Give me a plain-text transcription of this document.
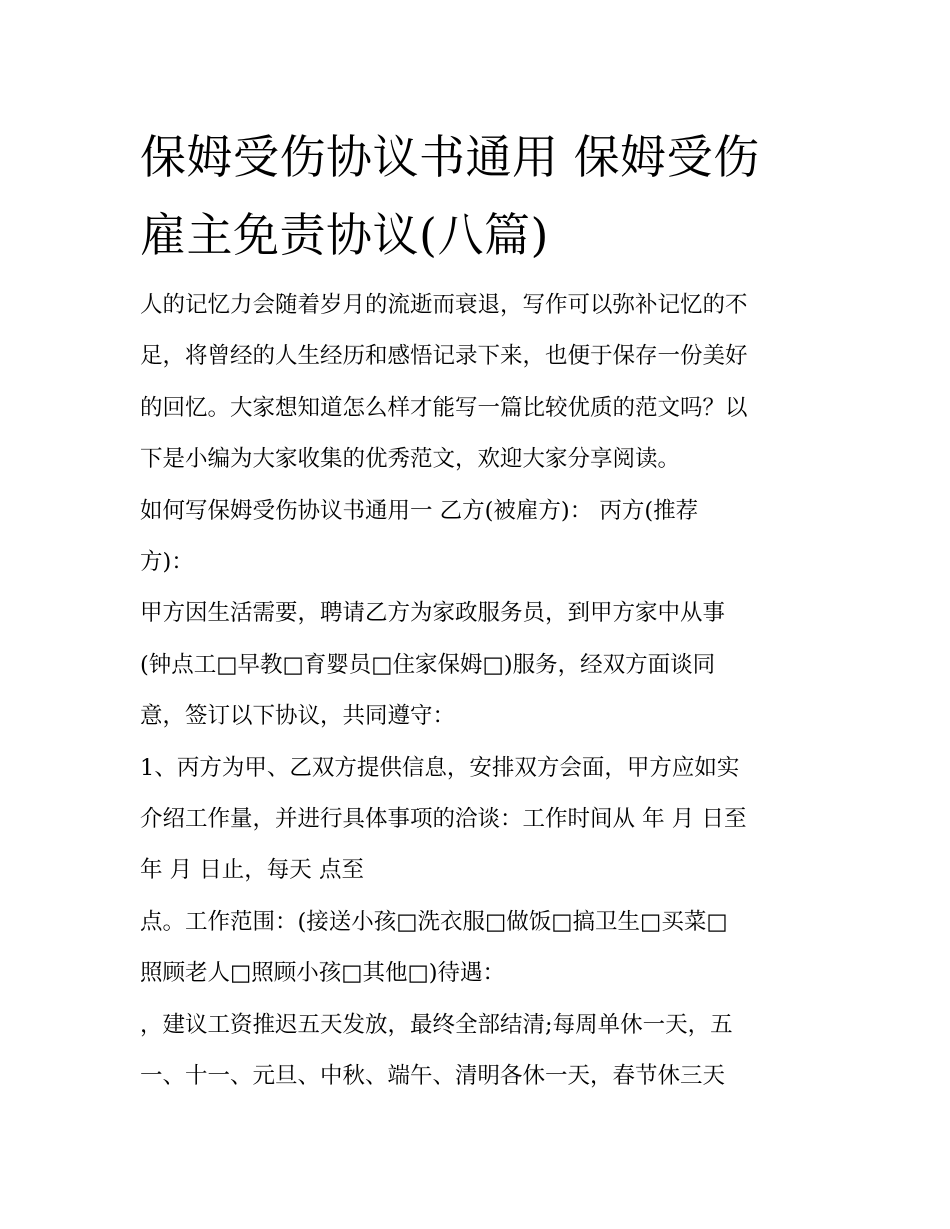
保姆受伤协议书通用 保姆受伤
雇主免责协议(八篇)
人的记忆力会随着岁月的流逝而衰退，写作可以弥补记忆的不
足，将曾经的人生经历和感悟记录下来，也便于保存一份美好
的回忆。大家想知道怎么样才能写一篇比较优质的范文吗？以
下是小编为大家收集的优秀范文，欢迎大家分享阅读。
如何写保姆受伤协议书通用一 乙方(被雇方)： 丙方(推荐
方)：
甲方因生活需要，聘请乙方为家政服务员，到甲方家中从事
(钟点工□早教□育婴员□住家保姆□)服务，经双方面谈同
意，签订以下协议，共同遵守：
1、丙方为甲、乙双方提供信息，安排双方会面，甲方应如实
介绍工作量，并进行具体事项的洽谈：工作时间从 年 月 日至
年 月 日止，每天 点至
点。工作范围：(接送小孩□洗衣服□做饭□搞卫生□买菜□
照顾老人□照顾小孩□其他□)待遇：
，建议工资推迟五天发放，最终全部结清;每周单休一天，五
一、十一、元旦、中秋、端午、清明各休一天，春节休三天
